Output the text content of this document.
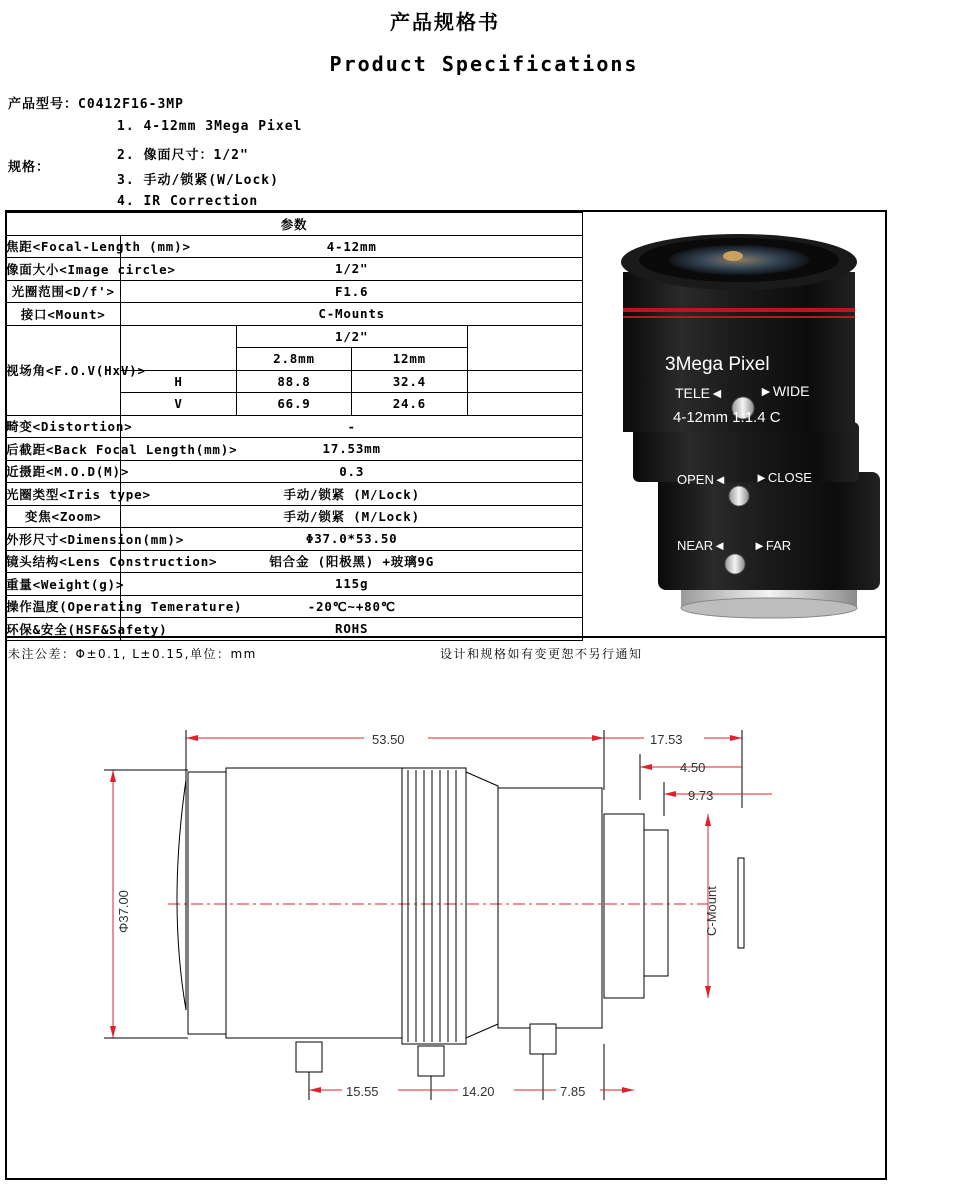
产品规格书
Product Specifications
产品型号：C0412F16-3MP
规格：
1. 4-12mm 3Mega Pixel
2. 像面尺寸：1/2"
3. 手动/锁紧(W/Lock)
4. IR Correction
参数				
焦距<Focal-Length (mm)>	4-12mm			
像面大小<Image circle>	1/2"			
光圈范围<D/f'>	F1.6			
接口<Mount>	C-Mounts			
视场角<F.O.V(HxV)>		1/2"		
		2.8mm	12mm	
	H	88.8	32.4	
	V	66.9	24.6	
畸变<Distortion>	-			
后截距<Back Focal Length(mm)>	17.53mm			
近摄距<M.O.D(M)>	0.3			
光圈类型<Iris type>	手动/锁紧 (M/Lock)			
变焦<Zoom>	手动/锁紧 (M/Lock)			
外形尺寸<Dimension(mm)>	Φ37.0*53.50			
镜头结构<Lens Construction>	铝合金 (阳极黑) +玻璃9G			
重量<Weight(g)>	115g			
操作温度(Operating Temerature)	-20℃~+80℃			
环保&安全(HSF&Safety)	ROHS			
3Mega Pixel
TELE◄	►WIDE
4-12mm 1:1.4 C
OPEN◄ ►CLOSE
NEAR◄ ►FAR
未注公差：Φ±0.1, L±0.15,单位：mm	设计和规格如有变更恕不另行通知
53.50	17.53
4.50
9.73
Φ37.00	C-Mount
15.55	14.20	7.85
